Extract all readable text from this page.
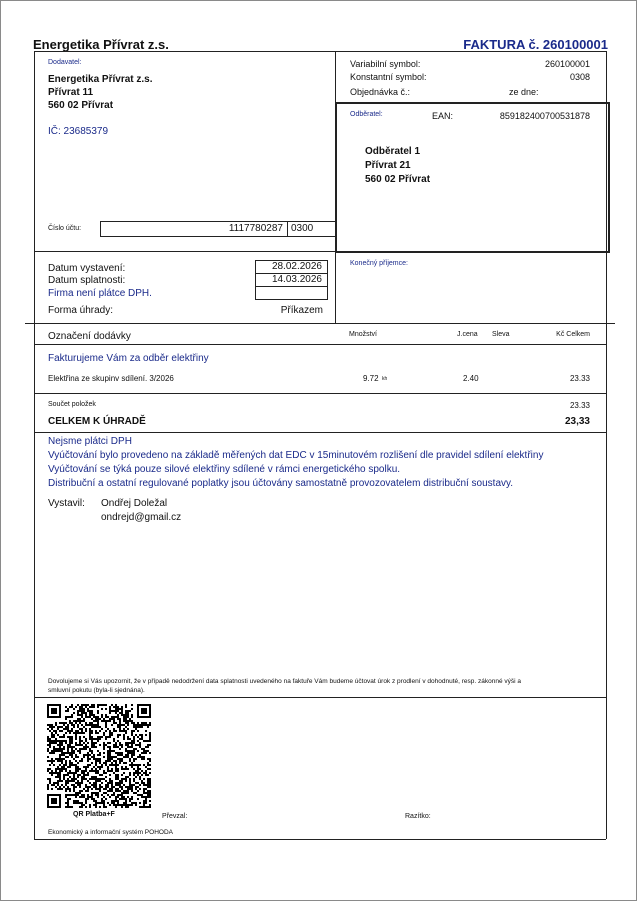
Energetika Přívrat z.s.	FAKTURA č. 260100001
Dodavatel:
Energetika Přívrat z.s.
Přívrat 11
560 02 Přívrat
IČ: 23685379
Variabilní symbol:	260100001
Konstantní symbol:	0308
Objednávka č.:	ze dne:
Odběratel:	EAN:	859182400700531878
Odběratel 1
Přívrat 21
560 02 Přívrat
Číslo účtu:	1117780287 0300
Datum vystavení:	28.02.2026
Datum splatnosti:	14.03.2026
Firma není plátce DPH.
Forma úhrady:	Příkazem
Konečný příjemce:
Označení dodávky	Množství	J.cena Sleva	Kč Celkem
Fakturujeme Vám za odběr elektřiny
Elektřina ze skupinv sdílení. 3/2026	9.72 kh	2.40	23.33
Součet položek	23.33
CELKEM K ÚHRADĚ	23,33
Nejsme plátci DPH
Vyúčtování bylo provedeno na základě měřených dat EDC v 15minutovém rozlišení dle pravidel sdílení elektřiny
Vyúčtování se týká pouze silové elektřiny sdílené v rámci energetického spolku.
Distribuční a ostatní regulované poplatky jsou účtovány samostatně provozovatelem distribuční soustavy.
Vystavil: Ondřej Doležal
ondrejd@gmail.cz
Dovolujeme si Vás upozornit, že v případě nedodržení data splatnosti uvedeného na faktuře Vám budeme účtovat úrok z prodlení v dohodnuté, resp. zákonné výši a
smluvní pokutu (byla-li sjednána).
QR Platba+F	Převzal:	Razítko:
Ekonomický a informační systém POHODA
